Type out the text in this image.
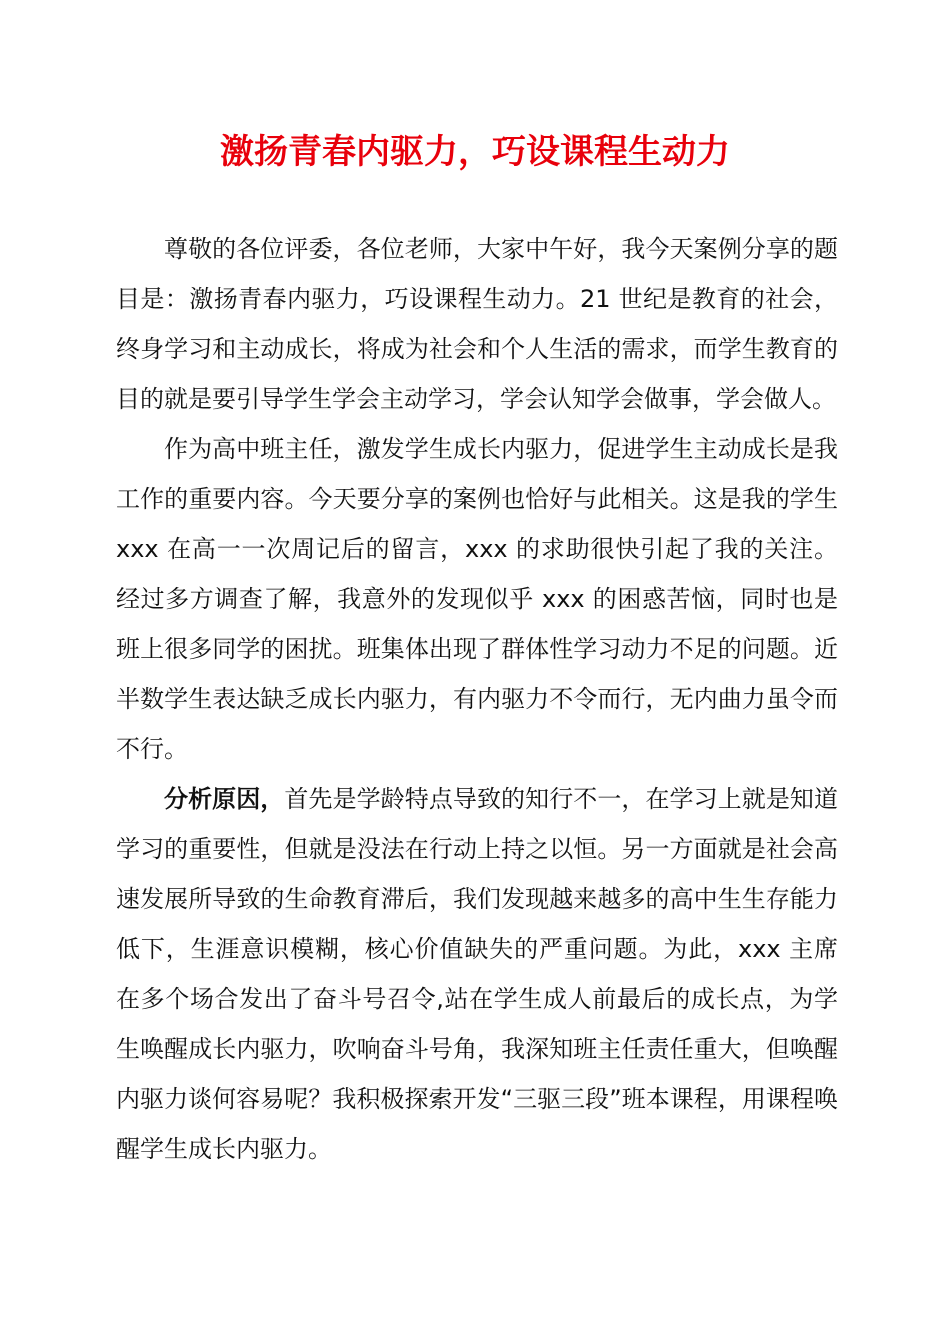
激扬青春内驱力，巧设课程生动力

尊敬的各位评委，各位老师，大家中午好，我今天案例分享的题目是：激扬青春内驱力，巧设课程生动力。21 世纪是教育的社会，终身学习和主动成长，将成为社会和个人生活的需求，而学生教育的目的就是要引导学生学会主动学习，学会认知学会做事，学会做人。

作为高中班主任，激发学生成长内驱力，促进学生主动成长是我工作的重要内容。今天要分享的案例也恰好与此相关。这是我的学生 xxx 在高一一次周记后的留言，xxx 的求助很快引起了我的关注。经过多方调查了解，我意外的发现似乎 xxx 的困惑苦恼，同时也是班上很多同学的困扰。班集体出现了群体性学习动力不足的问题。近半数学生表达缺乏成长内驱力，有内驱力不令而行，无内曲力虽令而不行。

分析原因，首先是学龄特点导致的知行不一，在学习上就是知道学习的重要性，但就是没法在行动上持之以恒。另一方面就是社会高速发展所导致的生命教育滞后，我们发现越来越多的高中生生存能力低下，生涯意识模糊，核心价值缺失的严重问题。为此，xxx 主席在多个场合发出了奋斗号召令,站在学生成人前最后的成长点，为学生唤醒成长内驱力，吹响奋斗号角，我深知班主任责任重大，但唤醒内驱力谈何容易呢？我积极探索开发“三驱三段”班本课程，用课程唤醒学生成长内驱力。
